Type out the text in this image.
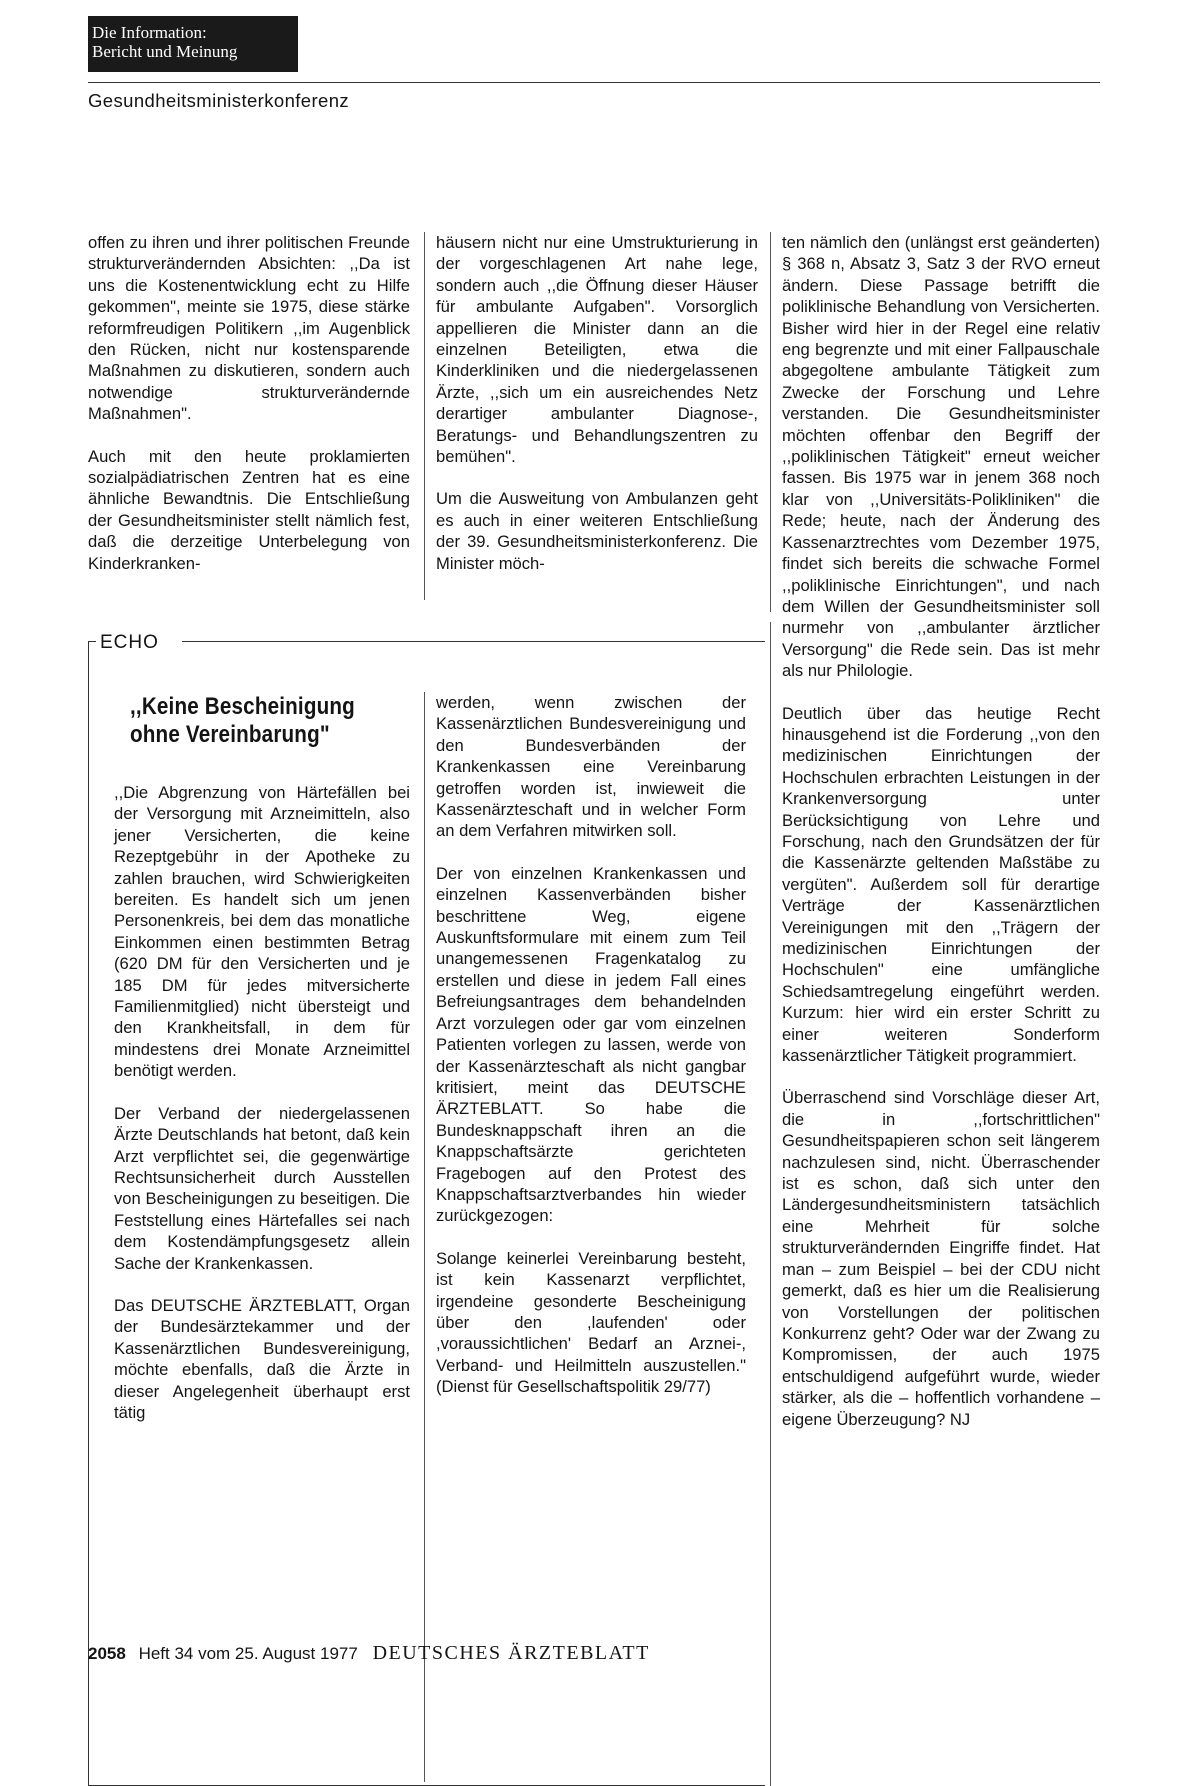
Die Information:
Bericht und Meinung
Gesundheitsministerkonferenz

offen zu ihren und ihrer politischen Freunde strukturverändernden Absichten: ,,Da ist uns die Kostenentwicklung echt zu Hilfe gekommen", meinte sie 1975, diese stärke reformfreudigen Politikern ,,im Augenblick den Rücken, nicht nur kostensparende Maßnahmen zu diskutieren, sondern auch notwendige strukturverändernde Maßnahmen".

Auch mit den heute proklamierten sozialpädiatrischen Zentren hat es eine ähnliche Bewandtnis. Die Entschließung der Gesundheitsminister stellt nämlich fest, daß die derzeitige Unterbelegung von Kinderkranken-

häusern nicht nur eine Umstrukturierung in der vorgeschlagenen Art nahe lege, sondern auch ,,die Öffnung dieser Häuser für ambulante Aufgaben". Vorsorglich appellieren die Minister dann an die einzelnen Beteiligten, etwa die Kinderkliniken und die niedergelassenen Ärzte, ,,sich um ein ausreichendes Netz derartiger ambulanter Diagnose-, Beratungs- und Behandlungszentren zu bemühen".

Um die Ausweitung von Ambulanzen geht es auch in einer weiteren Entschließung der 39. Gesundheitsministerkonferenz. Die Minister möch-

ten nämlich den (unlängst erst geänderten) § 368 n, Absatz 3, Satz 3 der RVO erneut ändern. Diese Passage betrifft die poliklinische Behandlung von Versicherten. Bisher wird hier in der Regel eine relativ eng begrenzte und mit einer Fallpauschale abgegoltene ambulante Tätigkeit zum Zwecke der Forschung und Lehre verstanden. Die Gesundheitsminister möchten offenbar den Begriff der ,,poliklinischen Tätigkeit" erneut weicher fassen. Bis 1975 war in jenem 368 noch klar von ,,Universitäts-Polikliniken" die Rede; heute, nach der Änderung des Kassenarztrechtes vom Dezember 1975, findet sich bereits die schwache Formel ,,poliklinische Einrichtungen", und nach dem Willen der Gesundheitsminister soll nurmehr von ,,ambulanter ärztlicher Versorgung" die Rede sein. Das ist mehr als nur Philologie.

Deutlich über das heutige Recht hinausgehend ist die Forderung ,,von den medizinischen Einrichtungen der Hochschulen erbrachten Leistungen in der Krankenversorgung unter Berücksichtigung von Lehre und Forschung, nach den Grundsätzen der für die Kassenärzte geltenden Maßstäbe zu vergüten". Außerdem soll für derartige Verträge der Kassenärztlichen Vereinigungen mit den ,,Trägern der medizinischen Einrichtungen der Hochschulen" eine umfängliche Schiedsamtregelung eingeführt werden. Kurzum: hier wird ein erster Schritt zu einer weiteren Sonderform kassenärztlicher Tätigkeit programmiert.

Überraschend sind Vorschläge dieser Art, die in ,,fortschrittlichen" Gesundheitspapieren schon seit längerem nachzulesen sind, nicht. Überraschender ist es schon, daß sich unter den Ländergesundheitsministern tatsächlich eine Mehrheit für solche strukturverändernden Eingriffe findet. Hat man – zum Beispiel – bei der CDU nicht gemerkt, daß es hier um die Realisierung von Vorstellungen der politischen Konkurrenz geht? Oder war der Zwang zu Kompromissen, der auch 1975 entschuldigend aufgeführt wurde, wieder stärker, als die – hoffentlich vorhandene – eigene Überzeugung? NJ

ECHO
,,Keine Bescheinigung
ohne Vereinbarung"

,,Die Abgrenzung von Härtefällen bei der Versorgung mit Arzneimitteln, also jener Versicherten, die keine Rezeptgebühr in der Apotheke zu zahlen brauchen, wird Schwierigkeiten bereiten. Es handelt sich um jenen Personenkreis, bei dem das monatliche Einkommen einen bestimmten Betrag (620 DM für den Versicherten und je 185 DM für jedes mitversicherte Familienmitglied) nicht übersteigt und den Krankheitsfall, in dem für mindestens drei Monate Arzneimittel benötigt werden.

Der Verband der niedergelassenen Ärzte Deutschlands hat betont, daß kein Arzt verpflichtet sei, die gegenwärtige Rechtsunsicherheit durch Ausstellen von Bescheinigungen zu beseitigen. Die Feststellung eines Härtefalles sei nach dem Kostendämpfungsgesetz allein Sache der Krankenkassen.

Das DEUTSCHE ÄRZTEBLATT, Organ der Bundesärztekammer und der Kassenärztlichen Bundesvereinigung, möchte ebenfalls, daß die Ärzte in dieser Angelegenheit überhaupt erst tätig

werden, wenn zwischen der Kassenärztlichen Bundesvereinigung und den Bundesverbänden der Krankenkassen eine Vereinbarung getroffen worden ist, inwieweit die Kassenärzteschaft und in welcher Form an dem Verfahren mitwirken soll.

Der von einzelnen Krankenkassen und einzelnen Kassenverbänden bisher beschrittene Weg, eigene Auskunftsformulare mit einem zum Teil unangemessenen Fragenkatalog zu erstellen und diese in jedem Fall eines Befreiungsantrages dem behandelnden Arzt vorzulegen oder gar vom einzelnen Patienten vorlegen zu lassen, werde von der Kassenärzteschaft als nicht gangbar kritisiert, meint das DEUTSCHE ÄRZTEBLATT. So habe die Bundesknappschaft ihren an die Knappschaftsärzte gerichteten Fragebogen auf den Protest des Knappschaftsarztverbandes hin wieder zurückgezogen:

Solange keinerlei Vereinbarung besteht, ist kein Kassenarzt verpflichtet, irgendeine gesonderte Bescheinigung über den ,laufenden' oder ,voraussichtlichen' Bedarf an Arznei-, Verband- und Heilmitteln auszustellen." (Dienst für Gesellschaftspolitik 29/77)

2058 Heft 34 vom 25. August 1977 DEUTSCHES ÄRZTEBLATT
